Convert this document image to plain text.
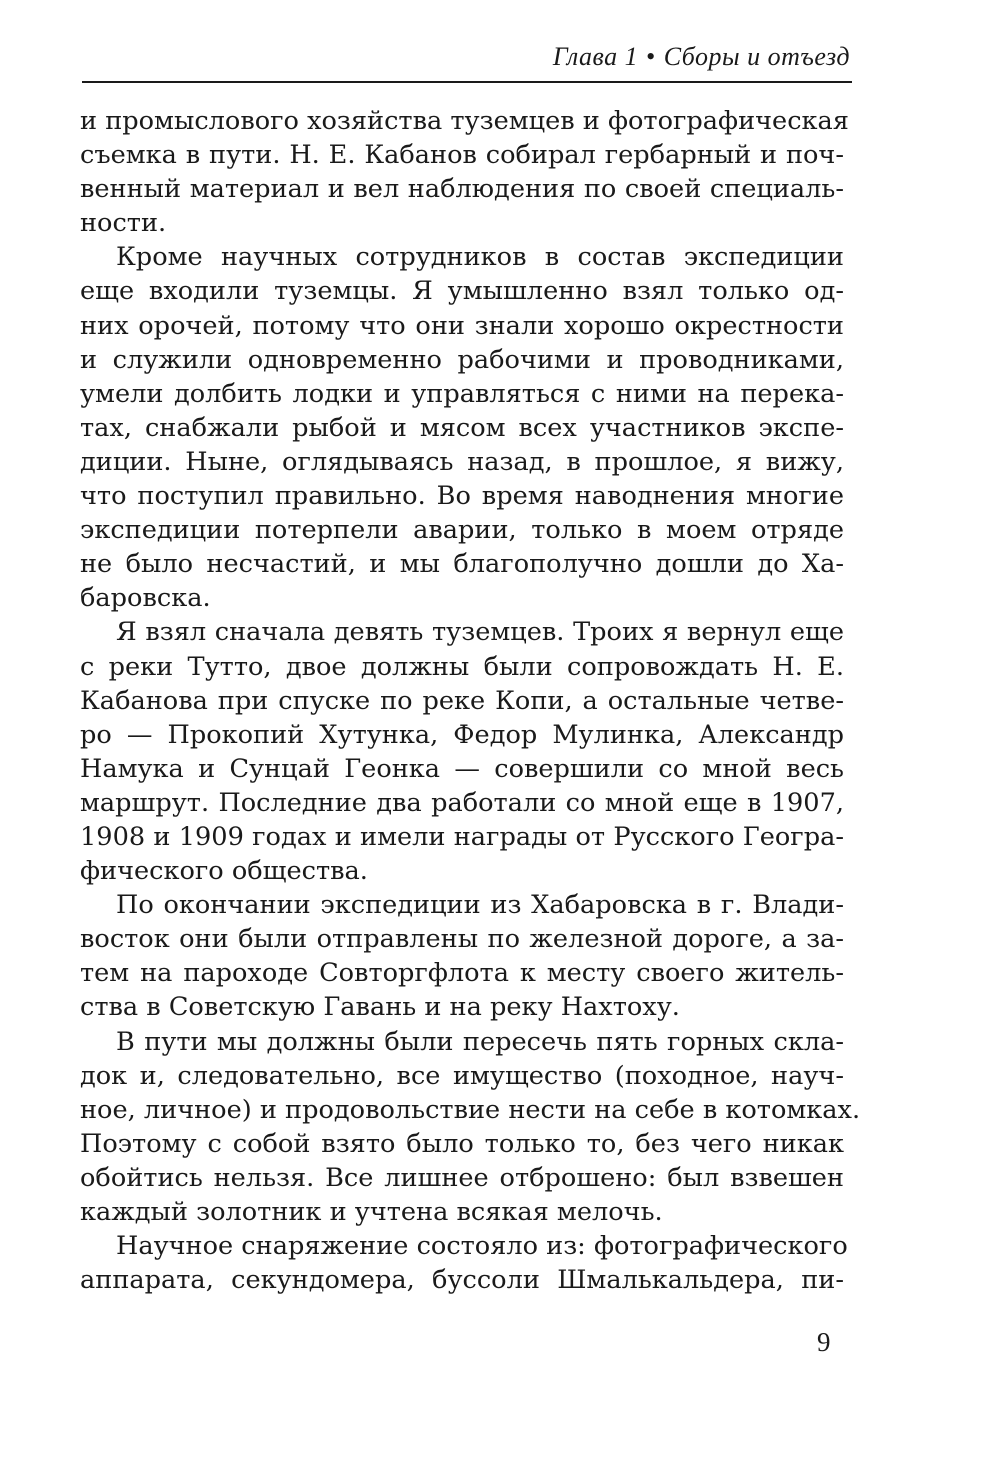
Глава 1 • Сборы и отъезд
и промыслового хозяйства туземцев и фотографическая
съемка в пути. Н. Е. Кабанов собирал гербарный и поч-
венный материал и вел наблюдения по своей специаль-
ности.
Кроме научных сотрудников в состав экспедиции
еще входили туземцы. Я умышленно взял только од-
них орочей, потому что они знали хорошо окрестности
и служили одновременно рабочими и проводниками,
умели долбить лодки и управляться с ними на перека-
тах, снабжали рыбой и мясом всех участников экспе-
диции. Ныне, оглядываясь назад, в прошлое, я вижу,
что поступил правильно. Во время наводнения многие
экспедиции потерпели аварии, только в моем отряде
не было несчастий, и мы благополучно дошли до Ха-
баровска.
Я взял сначала девять туземцев. Троих я вернул еще
с реки Тутто, двое должны были сопровождать Н. Е.
Кабанова при спуске по реке Копи, а остальные четве-
ро — Прокопий Хутунка, Федор Мулинка, Александр
Намука и Сунцай Геонка — совершили со мной весь
маршрут. Последние два работали со мной еще в 1907,
1908 и 1909 годах и имели награды от Русского Геогра-
фического общества.
По окончании экспедиции из Хабаровска в г. Влади-
восток они были отправлены по железной дороге, а за-
тем на пароходе Совторгфлота к месту своего житель-
ства в Советскую Гавань и на реку Нахтоху.
В пути мы должны были пересечь пять горных скла-
док и, следовательно, все имущество (походное, науч-
ное, личное) и продовольствие нести на себе в котомках.
Поэтому с собой взято было только то, без чего никак
обойтись нельзя. Все лишнее отброшено: был взвешен
каждый золотник и учтена всякая мелочь.
Научное снаряжение состояло из: фотографического
аппарата, секундомера, буссоли Шмалькальдера, пи-
9
